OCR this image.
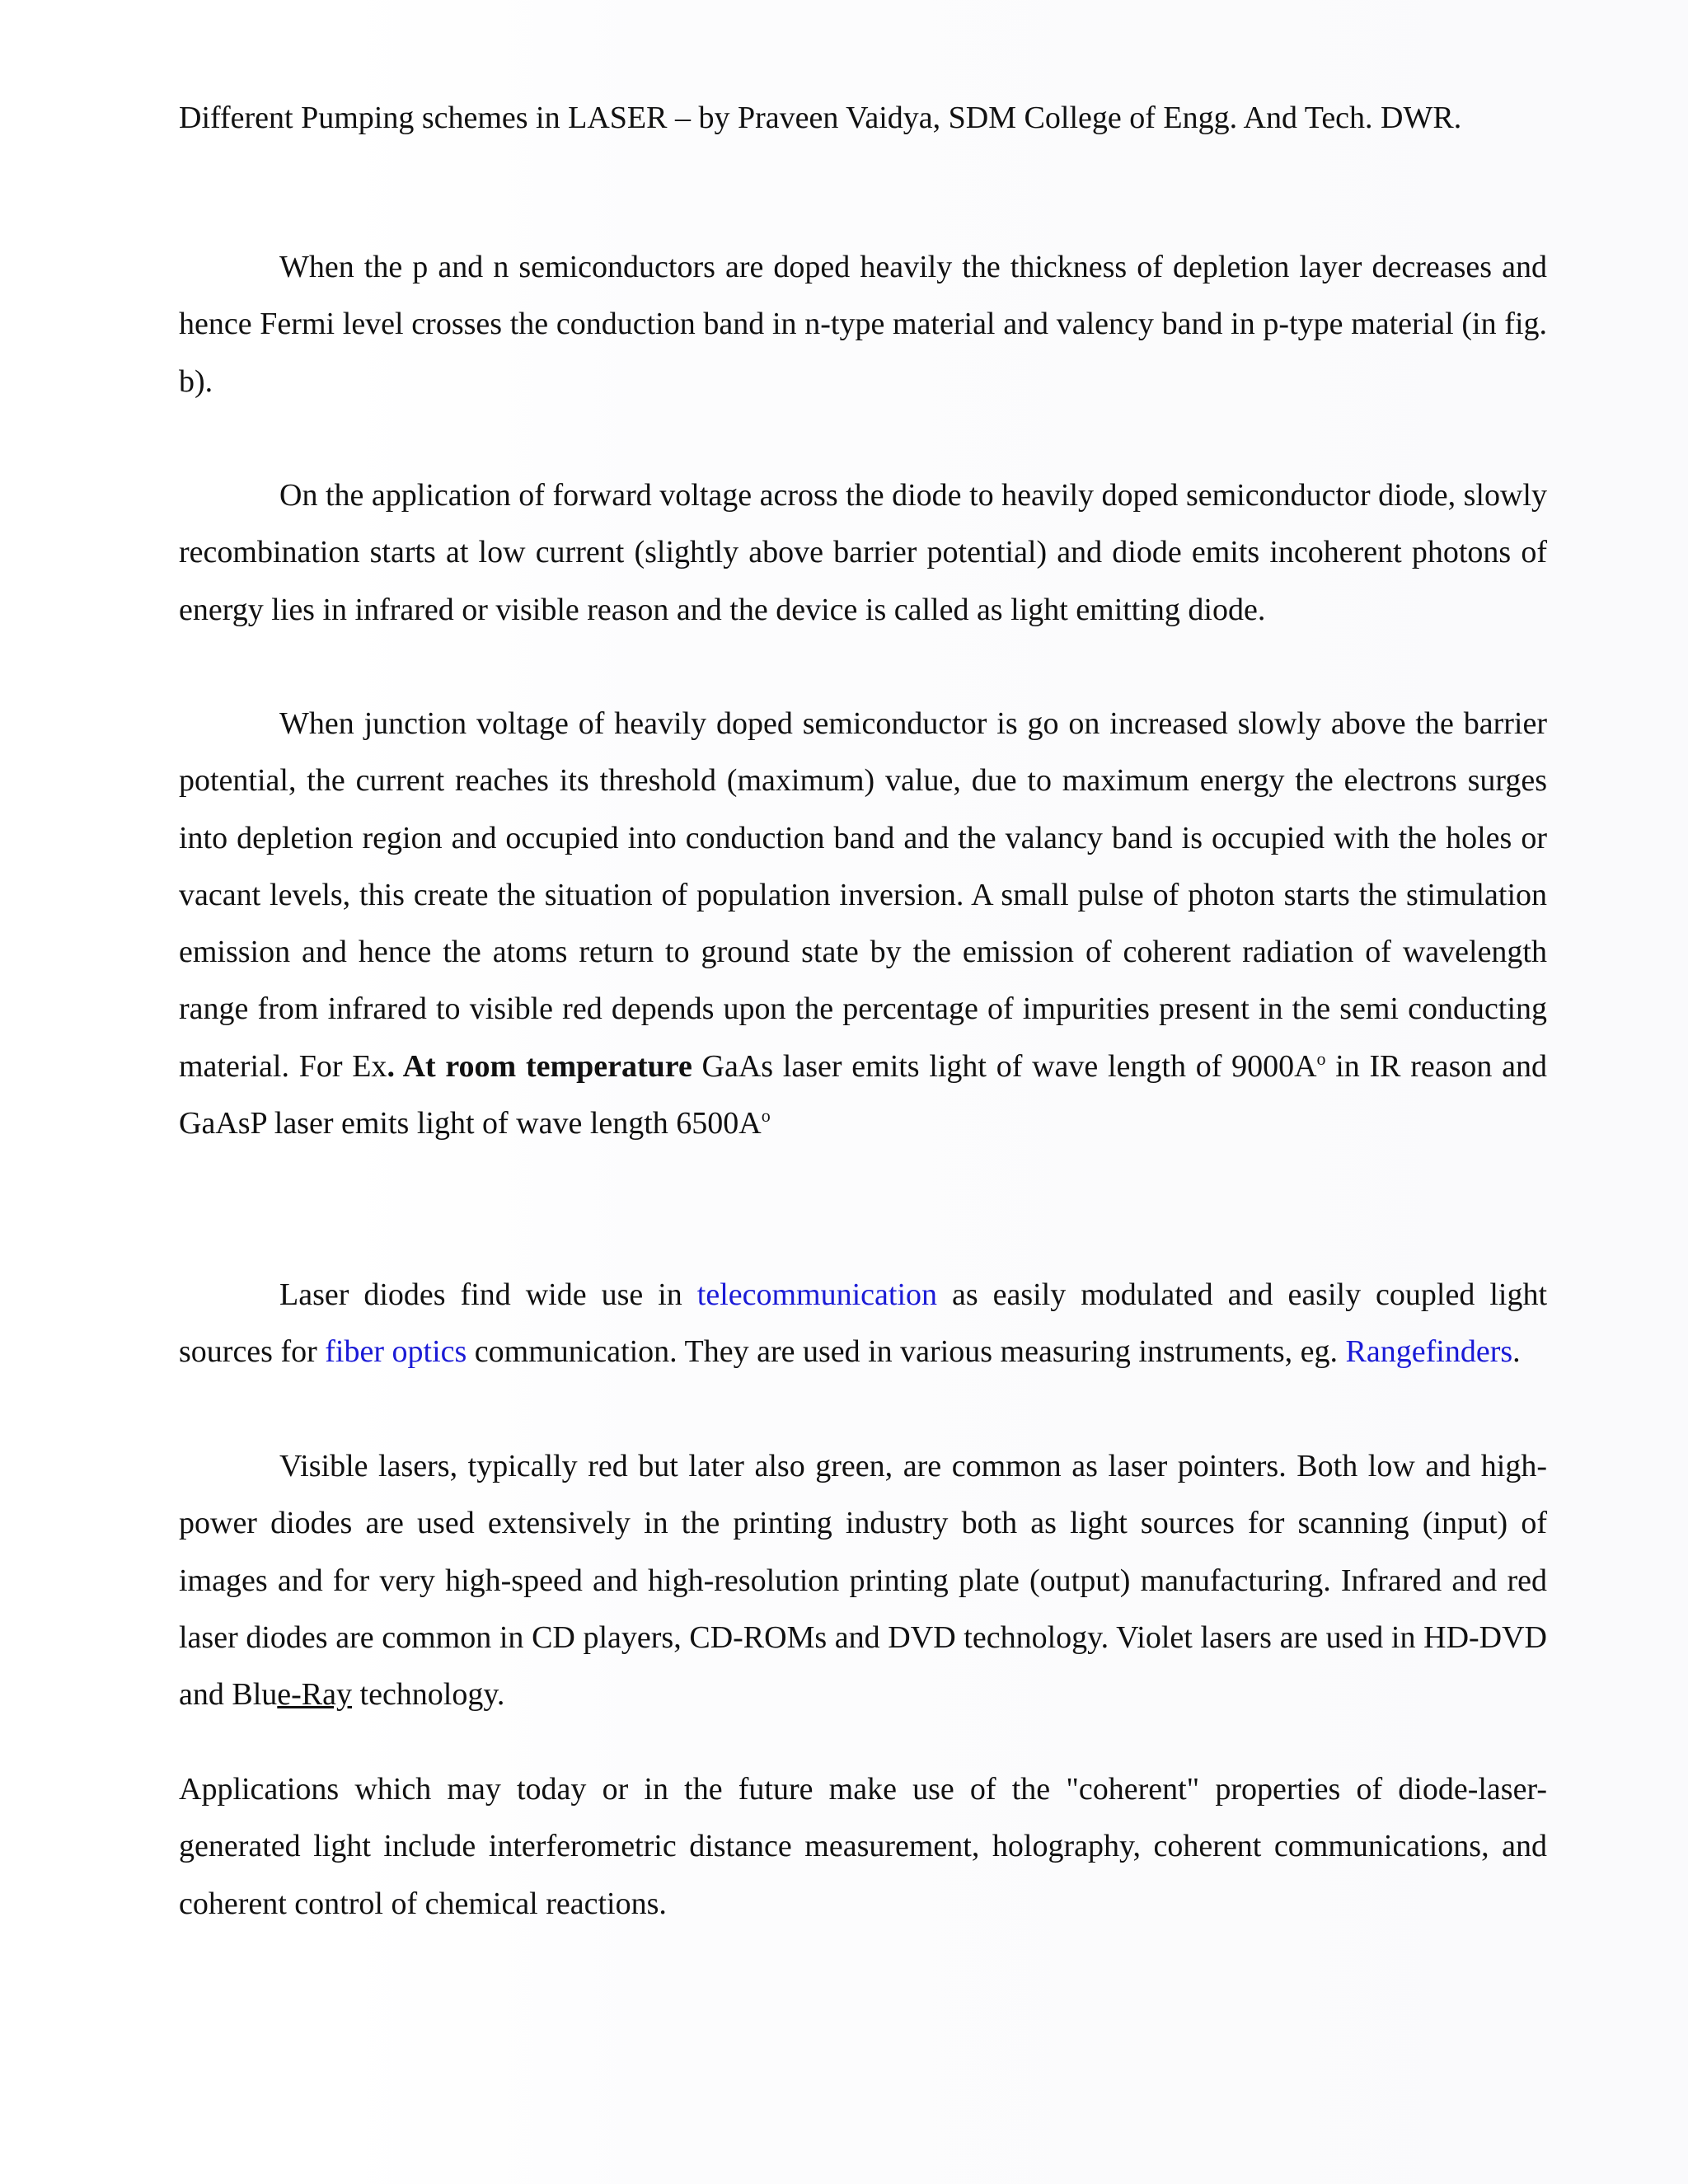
Different Pumping schemes in LASER – by Praveen Vaidya, SDM College of Engg. And Tech. DWR.

When the p and n semiconductors are doped heavily the thickness of depletion layer decreases and hence Fermi level crosses the conduction band in n-type material and valency band in p-type material (in fig. b).

On the application of forward voltage across the diode to heavily doped semiconductor diode, slowly recombination starts at low current (slightly above barrier potential) and diode emits incoherent photons of energy lies in infrared or visible reason and the device is called as light emitting diode.

When junction voltage of heavily doped semiconductor is go on increased slowly above the barrier potential, the current reaches its threshold (maximum) value, due to maximum energy the electrons surges into depletion region and occupied into conduction band and the valancy band is occupied with the holes or vacant levels, this create the situation of population inversion. A small pulse of photon starts the stimulation emission and hence the atoms return to ground state by the emission of coherent radiation of wavelength range from infrared to visible red depends upon the percentage of impurities present in the semi conducting material. For Ex. At room temperature GaAs laser emits light of wave length of $9000A^o$ in IR reason and GaAsP laser emits light of wave length $6500A^o$

Laser diodes find wide use in telecommunication as easily modulated and easily coupled light sources for fiber optics communication. They are used in various measuring instruments, eg. Rangefinders.

Visible lasers, typically red but later also green, are common as laser pointers. Both low and high-power diodes are used extensively in the printing industry both as light sources for scanning (input) of images and for very high-speed and high-resolution printing plate (output) manufacturing. Infrared and red laser diodes are common in CD players, CD-ROMs and DVD technology. Violet lasers are used in HD-DVD and Blue-Ray technology.

Applications which may today or in the future make use of the "coherent" properties of diode-laser-generated light include interferometric distance measurement, holography, coherent communications, and coherent control of chemical reactions.
